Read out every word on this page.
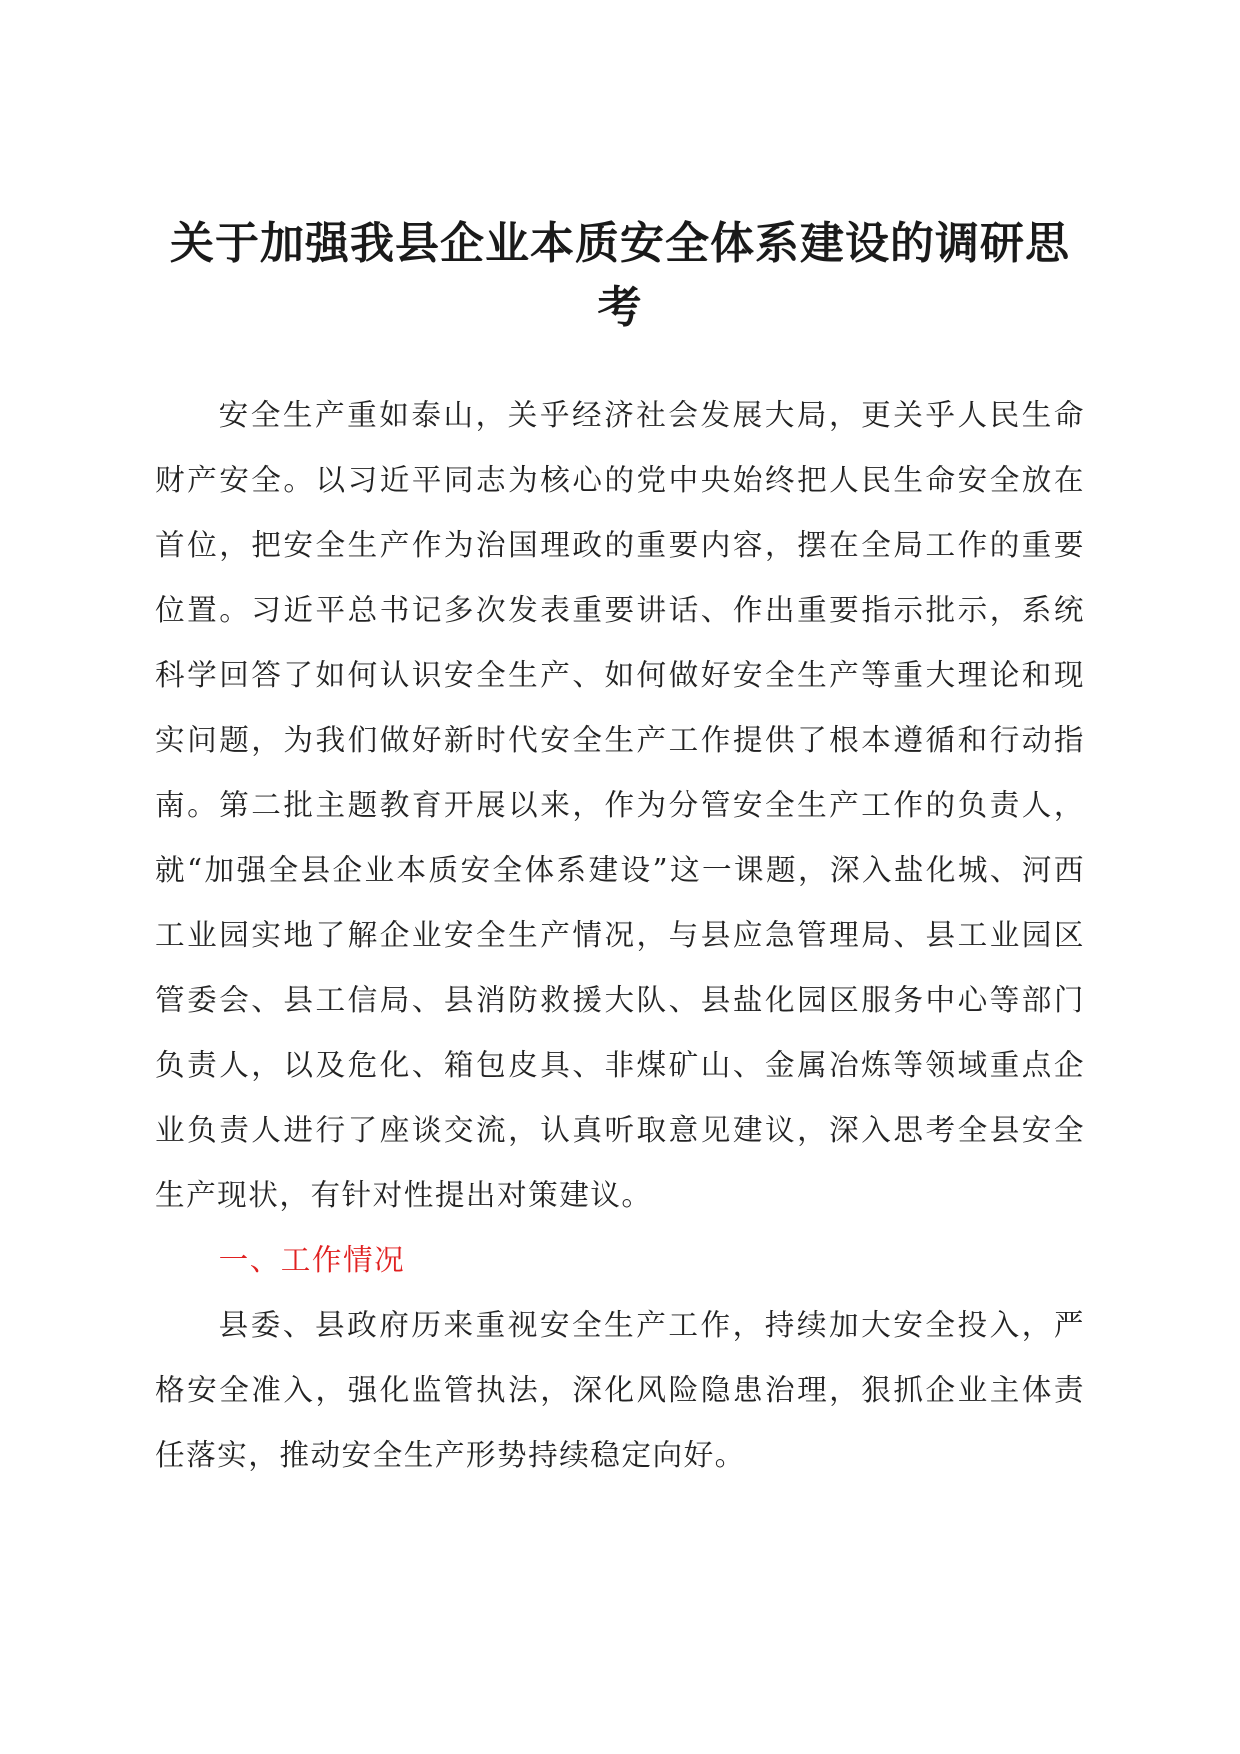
关于加强我县企业本质安全体系建设的调研思考

安全生产重如泰山，关乎经济社会发展大局，更关乎人民生命财产安全。以习近平同志为核心的党中央始终把人民生命安全放在首位，把安全生产作为治国理政的重要内容，摆在全局工作的重要位置。习近平总书记多次发表重要讲话、作出重要指示批示，系统科学回答了如何认识安全生产、如何做好安全生产等重大理论和现实问题，为我们做好新时代安全生产工作提供了根本遵循和行动指南。第二批主题教育开展以来，作为分管安全生产工作的负责人，就“加强全县企业本质安全体系建设”这一课题，深入盐化城、河西工业园实地了解企业安全生产情况，与县应急管理局、县工业园区管委会、县工信局、县消防救援大队、县盐化园区服务中心等部门负责人，以及危化、箱包皮具、非煤矿山、金属冶炼等领域重点企业负责人进行了座谈交流，认真听取意见建议，深入思考全县安全生产现状，有针对性提出对策建议。

一、工作情况

县委、县政府历来重视安全生产工作，持续加大安全投入，严格安全准入，强化监管执法，深化风险隐患治理，狠抓企业主体责任落实，推动安全生产形势持续稳定向好。
